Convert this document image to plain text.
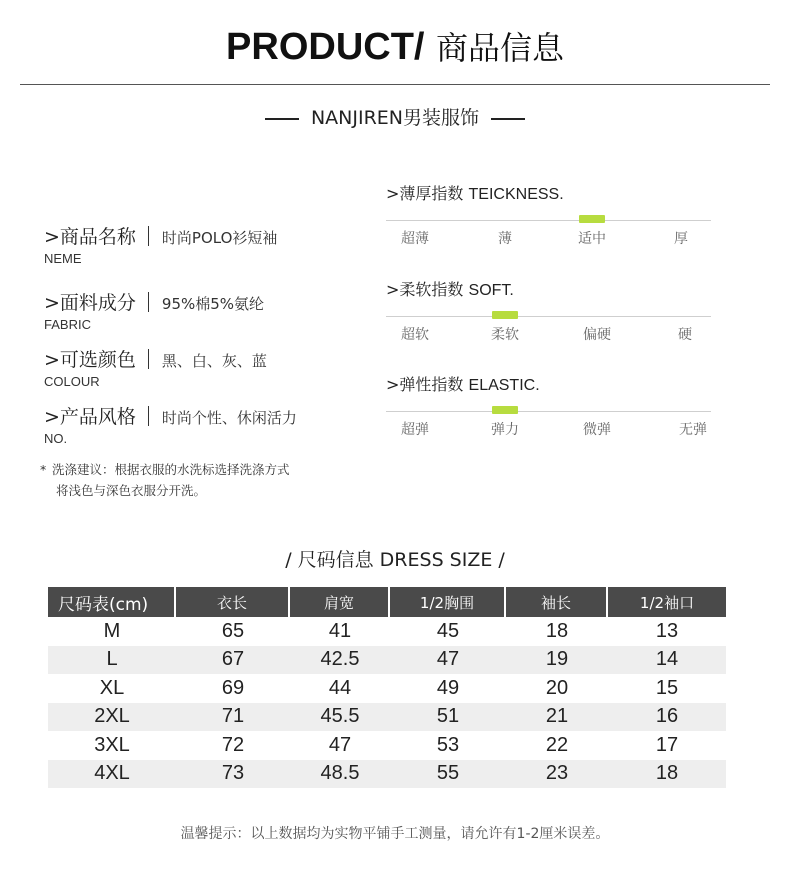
PRODUCT/ 商品信息
NANJIREN男装服饰
>商品名称 时尚POLO衫短袖
NEME
>面料成分 95%棉5%氨纶
FABRIC
>可选颜色 黑、白、灰、蓝
COLOUR
>产品风格 时尚个性、休闲活力
NO.
* 洗涤建议：根据衣服的水洗标选择洗涤方式
将浅色与深色衣服分开洗。
>薄厚指数 TEICKNESS.
超薄	薄	适中	厚
>柔软指数 SOFT.
超软	柔软	偏硬	硬
>弹性指数 ELASTIC.
超弹	弹力	微弹	无弹
/ 尺码信息 DRESS SIZE /
尺码表(cm)	衣长	肩宽	1/2胸围	袖长	1/2袖口
M	65	41	45	18	13
L	67	42.5	47	19	14
XL	69	44	49	20	15
2XL	71	45.5	51	21	16
3XL	72	47	53	22	17
4XL	73	48.5	55	23	18
温馨提示：以上数据均为实物平铺手工测量，请允许有1-2厘米误差。
